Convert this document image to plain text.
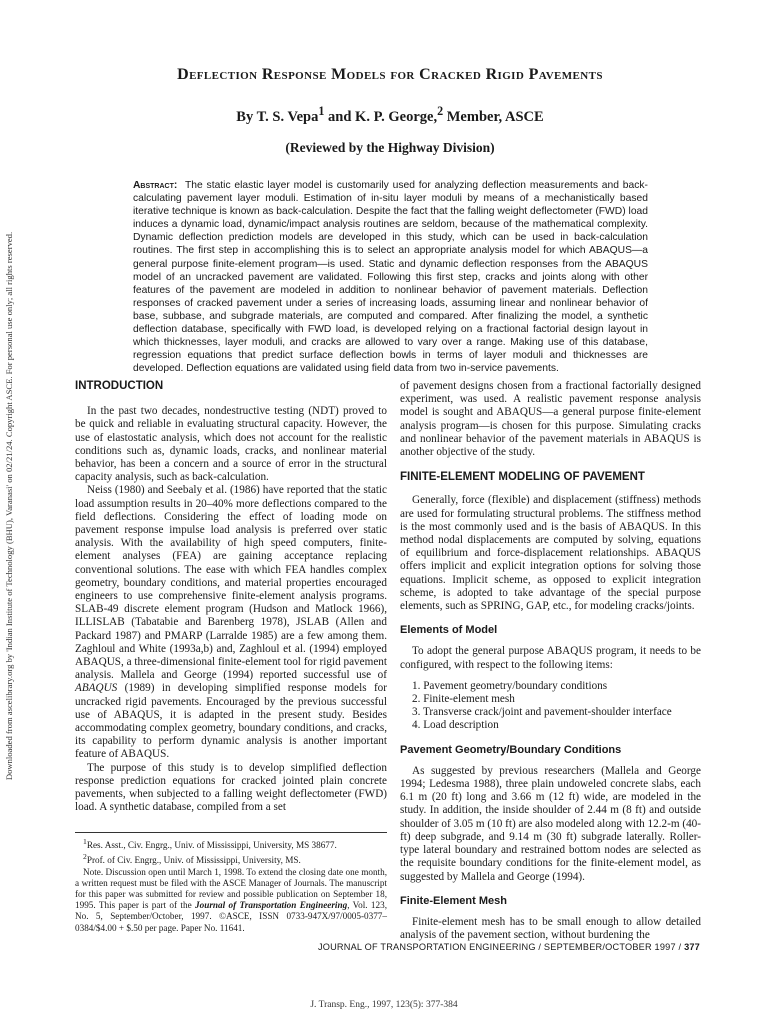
Downloaded from ascelibrary.org by 'Indian Institute of Technology (BHU), Varanasi' on 02/21/24. Copyright ASCE. For personal use only; all rights reserved.
Deflection Response Models for Cracked Rigid Pavements
By T. S. Vepa$^1$ and K. P. George,$^2$ Member, ASCE
(Reviewed by the Highway Division)
Abstract: The static elastic layer model is customarily used for analyzing deflection measurements and back-calculating pavement layer moduli. Estimation of in-situ layer moduli by means of a mechanistically based iterative technique is known as back-calculation. Despite the fact that the falling weight deflectometer (FWD) load induces a dynamic load, dynamic/impact analysis routines are seldom, because of the mathematical complexity. Dynamic deflection prediction models are developed in this study, which can be used in back-calculation routines. The first step in accomplishing this is to select an appropriate analysis model for which ABAQUS—a general purpose finite-element program—is used. Static and dynamic deflection responses from the ABAQUS model of an uncracked pavement are validated. Following this first step, cracks and joints along with other features of the pavement are modeled in addition to nonlinear behavior of pavement materials. Deflection responses of cracked pavement under a series of increasing loads, assuming linear and nonlinear behavior of base, subbase, and subgrade materials, are computed and compared. After finalizing the model, a synthetic deflection database, specifically with FWD load, is developed relying on a fractional factorial design layout in which thicknesses, layer moduli, and cracks are allowed to vary over a range. Making use of this database, regression equations that predict surface deflection bowls in terms of layer moduli and thicknesses are developed. Deflection equations are validated using field data from two in-service pavements.
INTRODUCTION

In the past two decades, nondestructive testing (NDT) proved to be quick and reliable in evaluating structural capacity. However, the use of elastostatic analysis, which does not account for the realistic conditions such as, dynamic loads, cracks, and nonlinear material behavior, has been a concern and a source of error in the structural capacity analysis, such as back-calculation.

Neiss (1980) and Seebaly et al. (1986) have reported that the static load assumption results in 20–40% more deflections compared to the field deflections. Considering the effect of loading mode on pavement response impulse load analysis is preferred over static analysis. With the availability of high speed computers, finite-element analyses (FEA) are gaining acceptance replacing conventional solutions. The ease with which FEA handles complex geometry, boundary conditions, and material properties encouraged engineers to use comprehensive finite-element analysis programs. SLAB-49 discrete element program (Hudson and Matlock 1966), ILLISLAB (Tabatabie and Barenberg 1978), JSLAB (Allen and Packard 1987) and PMARP (Larralde 1985) are a few among them. Zaghloul and White (1993a,b) and, Zaghloul et al. (1994) employed ABAQUS, a three-dimensional finite-element tool for rigid pavement analysis. Mallela and George (1994) reported successful use of ABAQUS (1989) in developing simplified response models for uncracked rigid pavements. Encouraged by the previous successful use of ABAQUS, it is adapted in the present study. Besides accommodating complex geometry, boundary conditions, and cracks, its capability to perform dynamic analysis is another important feature of ABAQUS.

The purpose of this study is to develop simplified deflection response prediction equations for cracked jointed plain concrete pavements, when subjected to a falling weight deflectometer (FWD) load. A synthetic database, compiled from a set

$^1$Res. Asst., Civ. Engrg., Univ. of Mississippi, University, MS 38677.

$^2$Prof. of Civ. Engrg., Univ. of Mississippi, University, MS.

Note. Discussion open until March 1, 1998. To extend the closing date one month, a written request must be filed with the ASCE Manager of Journals. The manuscript for this paper was submitted for review and possible publication on September 18, 1995. This paper is part of the Journal of Transportation Engineering, Vol. 123, No. 5, September/October, 1997. ©ASCE, ISSN 0733-947X/97/0005-0377–0384/$4.00 + $.50 per page. Paper No. 11641.

of pavement designs chosen from a fractional factorially designed experiment, was used. A realistic pavement response analysis model is sought and ABAQUS—a general purpose finite-element analysis program—is chosen for this purpose. Simulating cracks and nonlinear behavior of the pavement materials in ABAQUS is another objective of the study.

FINITE-ELEMENT MODELING OF PAVEMENT

Generally, force (flexible) and displacement (stiffness) methods are used for formulating structural problems. The stiffness method is the most commonly used and is the basis of ABAQUS. In this method nodal displacements are computed by solving, equations of equilibrium and force-displacement relationships. ABAQUS offers implicit and explicit integration options for solving those equations. Implicit scheme, as opposed to explicit integration scheme, is adopted to take advantage of the special purpose elements, such as SPRING, GAP, etc., for modeling cracks/joints.

Elements of Model

To adopt the general purpose ABAQUS program, it needs to be configured, with respect to the following items:

1. Pavement geometry/boundary conditions
2. Finite-element mesh
3. Transverse crack/joint and pavement-shoulder interface
4. Load description
Pavement Geometry/Boundary Conditions

As suggested by previous researchers (Mallela and George 1994; Ledesma 1988), three plain undoweled concrete slabs, each 6.1 m (20 ft) long and 3.66 m (12 ft) wide, are modeled in the study. In addition, the inside shoulder of 2.44 m (8 ft) and outside shoulder of 3.05 m (10 ft) are also modeled along with 12.2-m (40-ft) deep subgrade, and 9.14 m (30 ft) subgrade laterally. Roller-type lateral boundary and restrained bottom nodes are selected as the requisite boundary conditions for the finite-element model, as suggested by Mallela and George (1994).

Finite-Element Mesh

Finite-element mesh has to be small enough to allow detailed analysis of the pavement section, without burdening the

JOURNAL OF TRANSPORTATION ENGINEERING / SEPTEMBER/OCTOBER 1997 / 377
J. Transp. Eng., 1997, 123(5): 377-384
